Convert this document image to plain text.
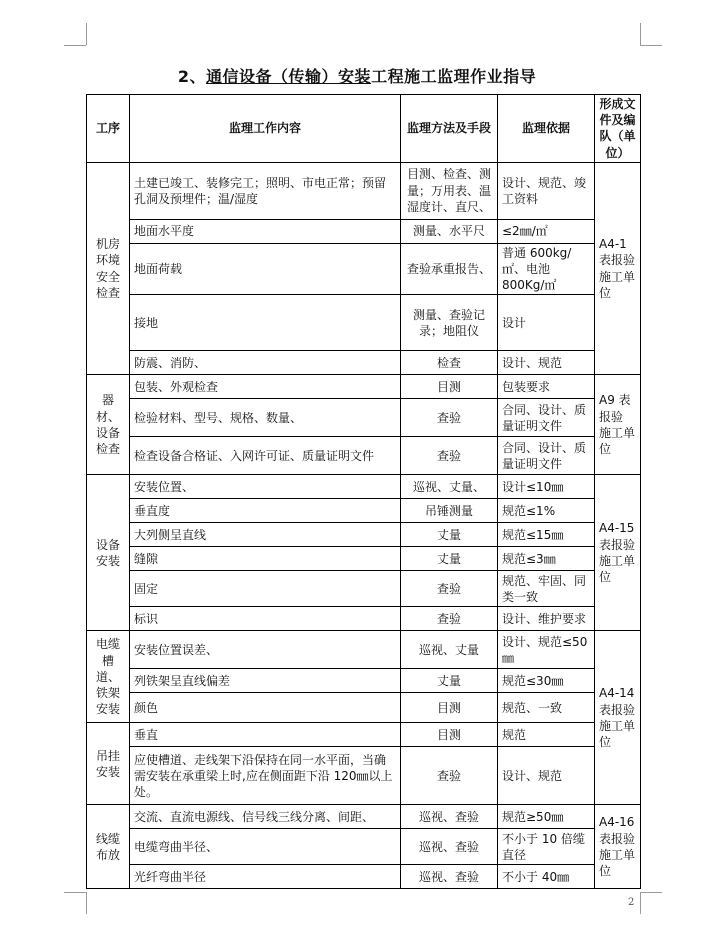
2、通信设备（传输）安装工程施工监理作业指导
工序	监理工作内容	监理方法及手段	监理依据	形成文件及编队（单位）

机房环境安全检查	土建已竣工、装修完工；照明、市电正常；预留孔洞及预埋件；温/湿度	目测、检查、测量；万用表、温湿度计、直尺、	设计、规范、竣工资料	A4-1 表报验　施工单位
	地面水平度	测量、水平尺	≤2㎜/㎡	
	地面荷载	查验承重报告、	普通 600kg/㎡、电池 800Kg/㎡	
	接地	测量、查验记录；地阻仪	设计	
	防震、消防、	检查	设计、规范	

器材、设备检查	包装、外观检查	目测	包装要求	A9 表报验　施工单位
	检验材料、型号、规格、数量、	查验	合同、设计、质量证明文件	
	检查设备合格证、入网许可证、质量证明文件	查验	合同、设计、质量证明文件	

设备安装	安装位置、	巡视、丈量、	设计≤10㎜	A4-15　表报验　施工单位
	垂直度	吊锤测量	规范≤1%	
	大列侧呈直线	丈量	规范≤15㎜	
	缝隙	丈量	规范≤3㎜	
	固定	查验	规范、牢固、同类一致	
	标识	查验	设计、维护要求	

电缆槽道、铁架安装	安装位置误差、	巡视、丈量	设计、规范≤50㎜	A4-14　表报验　施工单位
	列铁架呈直线偏差	丈量	规范≤30㎜	
	颜色	目测	规范、一致	

吊挂安装	垂直	目测	规范	
	应使槽道、走线架下沿保持在同一水平面，当确需安装在承重梁上时,应在侧面距下沿 120㎜以上处。	查验	设计、规范	

线缆布放	交流、直流电源线、信号线三线分离、间距、	巡视、查验	规范≥50㎜	A4-16　表报验　施工单位
	电缆弯曲半径、	巡视、查验	不小于 10 倍缆直径	
	光纤弯曲半径	巡视、查验	不小于 40㎜	
2
